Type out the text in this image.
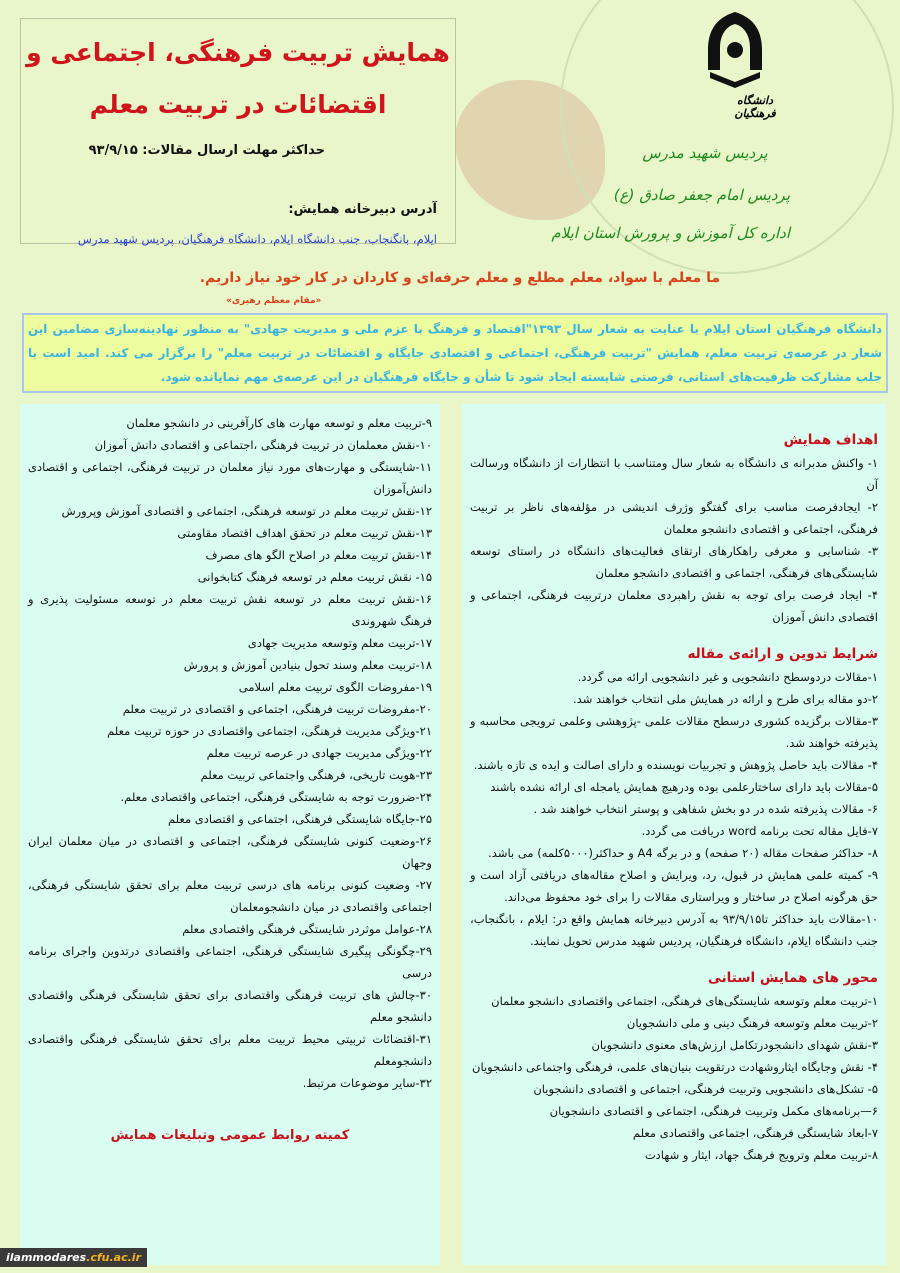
همایش تربیت فرهنگی، اجتماعی و
اقتضائات در تربیت معلم
حداکثر مهلت ارسال مقالات: ۹۳/۹/۱۵
آدرس دبیرخانه همایش:
ایلام، بانگنجاب، جنب دانشگاه ایلام، دانشگاه فرهنگیان، پردیس شهید مدرس
دانشگاه فرهنگیان
پردیس شهید مدرس
پردیس امام جعفر صادق (ع)
اداره کل آموزش و پرورش استان ایلام
ما معلم با سواد، معلم مطلع و معلم حرفه‌ای و کاردان در کار خود نیاز داریم.
«مقام معظم رهبری»
دانشگاه فرهنگیان استان ایلام با عنایت به شعار سال ۱۳۹۳"اقتصاد و فرهنگ با عزم ملی و مدیریت جهادی" به منظور نهادینه‌سازی مضامین این شعار در عرصه‌ی تربیت معلم، همایش "تربیت فرهنگی، اجتماعی و اقتصادی جایگاه و اقتضائات در تربیت معلم" را برگزار می کند. امید است با جلب مشارکت ظرفیت‌های استانی، فرصتی شایسته ایجاد شود تا شأن و جایگاه فرهنگیان در این عرصه‌ی مهم نمایانده شود.
اهداف همایش
۱- واکنش مدبرانه ی دانشگاه به شعار سال ومتناسب با انتظارات از دانشگاه ورسالت آن
۲- ایجادفرصت مناسب برای گفتگو وژرف اندیشی در مؤلفه‌های ناظر بر تربیت فرهنگی، اجتماعی و اقتصادی دانشجو معلمان
۳- شناسایی و معرفی راهکارهای ارتقای فعالیت‌های دانشگاه در راستای توسعه شایستگی‌های فرهنگی، اجتماعی و اقتصادی دانشجو معلمان
۴- ایجاد فرصت برای توجه به نقش راهبردی معلمان درتربیت فرهنگی، اجتماعی و اقتصادی دانش آموزان
شرایط تدوین و ارائه‌ی مقاله
۱-مقالات دردوسطح دانشجویی و غیر دانشجویی ارائه می گردد.
۲-دو مقاله برای طرح و ارائه در همایش ملی انتخاب خواهند شد.
۳-مقالات برگزیده کشوری درسطح مقالات علمی -پژوهشی وعلمی ترویجی محاسبه و پذیرفته خواهند شد.
۴- مقالات باید حاصل پژوهش و تجربیات نویسنده و دارای اصالت و ایده ی تازه باشند.
۵-مقالات باید دارای ساختارعلمی بوده ودرهیچ همایش یامجله ای ارائه نشده باشند
۶- مقالات پذیرفته شده در دو بخش شفاهی و پوستر انتخاب خواهند شد .
۷-فایل مقاله تحت برنامه word دریافت می گردد.
۸- حداکثر صفحات مقاله (۲۰ صفحه) و در برگه A4 و حداکثر(۵۰۰۰کلمه) می باشد.
۹- کمیته علمی همایش در قبول، رد، ویرایش و اصلاح مقاله‌های دریافتی آزاد است و حق هرگونه اصلاح در ساختار و ویراستاری مقالات را برای خود محفوظ می‌داند.
۱۰-مقالات باید حداکثر تا۹۳/۹/۱۵ به آدرس دبیرخانه همایش واقع در: ایلام ، بانگنجاب، جنب دانشگاه ایلام، دانشگاه فرهنگیان، پردیس شهید مدرس تحویل نمایند.
محور های همایش استانی
۱-تربیت معلم وتوسعه شایستگی‌های فرهنگی، اجتماعی واقتصادی دانشجو معلمان
۲-تربیت معلم وتوسعه فرهنگ دینی و ملی دانشجویان
۳-نقش شهدای دانشجودرتکامل ارزش‌های معنوی دانشجویان
۴- نقش وجایگاه ایثاروشهادت درتقویت بنیان‌های علمی، فرهنگی واجتماعی دانشجویان
۵- تشکل‌های دانشجویی وتربیت فرهنگی، اجتماعی و اقتصادی دانشجویان
۶—برنامه‌های مکمل وتربیت فرهنگی، اجتماعی و اقتصادی دانشجویان
۷-ابعاد شایستگی فرهنگی، اجتماعی واقتصادی معلم
۸-تربیت معلم وترویج فرهنگ جهاد، ایثار و شهادت
۹-تربیت معلم و توسعه مهارت های کارآفرینی در دانشجو معلمان
۱۰-نقش معملمان در تربیت فرهنگی ،اجتماعی و اقتصادی دانش آموزان
۱۱-شایستگی و مهارت‌های مورد نیاز معلمان در تربیت فرهنگی، اجتماعی و اقتصادی دانش‌آموزان
۱۲-نقش تربیت معلم در توسعه فرهنگی، اجتماعی و اقتصادی آموزش وپرورش
۱۳-نقش تربیت معلم در تحقق اهداف اقتصاد مقاومتی
۱۴-نقش تربیت معلم در اصلاح الگو های مصرف
۱۵- نقش تربیت معلم در توسعه فرهنگ کتابخوانی
۱۶-نقش تربیت معلم در توسعه نقش تربیت معلم در توسعه مسئولیت پذیری و فرهنگ شهروندی
۱۷-تربیت معلم وتوسعه مدیریت جهادی
۱۸-تربیت معلم وسند تحول بنیادین آموزش و پرورش
۱۹-مفروضات الگوی تربیت معلم اسلامی
۲۰-مفروضات تربیت فرهنگی، اجتماعی و اقتصادی در تربیت معلم
۲۱-ویژگی مدیریت فرهنگی، اجتماعی واقتصادی در حوزه تربیت معلم
۲۲-ویژگی مدیریت جهادی در عرصه تربیت معلم
۲۳-هویت تاریخی، فرهنگی واجتماعی تربیت معلم
۲۴-ضرورت توجه به شایستگی فرهنگی، اجتماعی واقتصادی معلم.
۲۵-جایگاه شایستگی فرهنگی، اجتماعی و اقتصادی معلم
۲۶-وضعیت کنونی شایستگی فرهنگی، اجتماعی و اقتصادی در میان معلمان ایران وجهان
۲۷- وضعیت کنونی برنامه های درسی تربیت معلم برای تحقق شایستگی فرهنگی، اجتماعی واقتصادی در میان دانشجومعلمان
۲۸-عوامل موثردر شایستگی فرهنگی واقتصادی معلم
۲۹-چگونگی پیگیری شایستگی فرهنگی، اجتماعی واقتصادی درتدوین واجرای برنامه درسی
۳۰-چالش های تربیت فرهنگی واقتصادی برای تحقق شایستگی فرهنگی واقتصادی دانشجو معلم
۳۱-اقتضائات تربیتی محیط تربیت معلم برای تحقق شایستگی فرهنگی واقتصادی دانشجومعلم
۳۲-سایر موضوعات مرتبط.
کمیته روابط عمومی وتبلیغات همایش
ilammodares.cfu.ac.ir
